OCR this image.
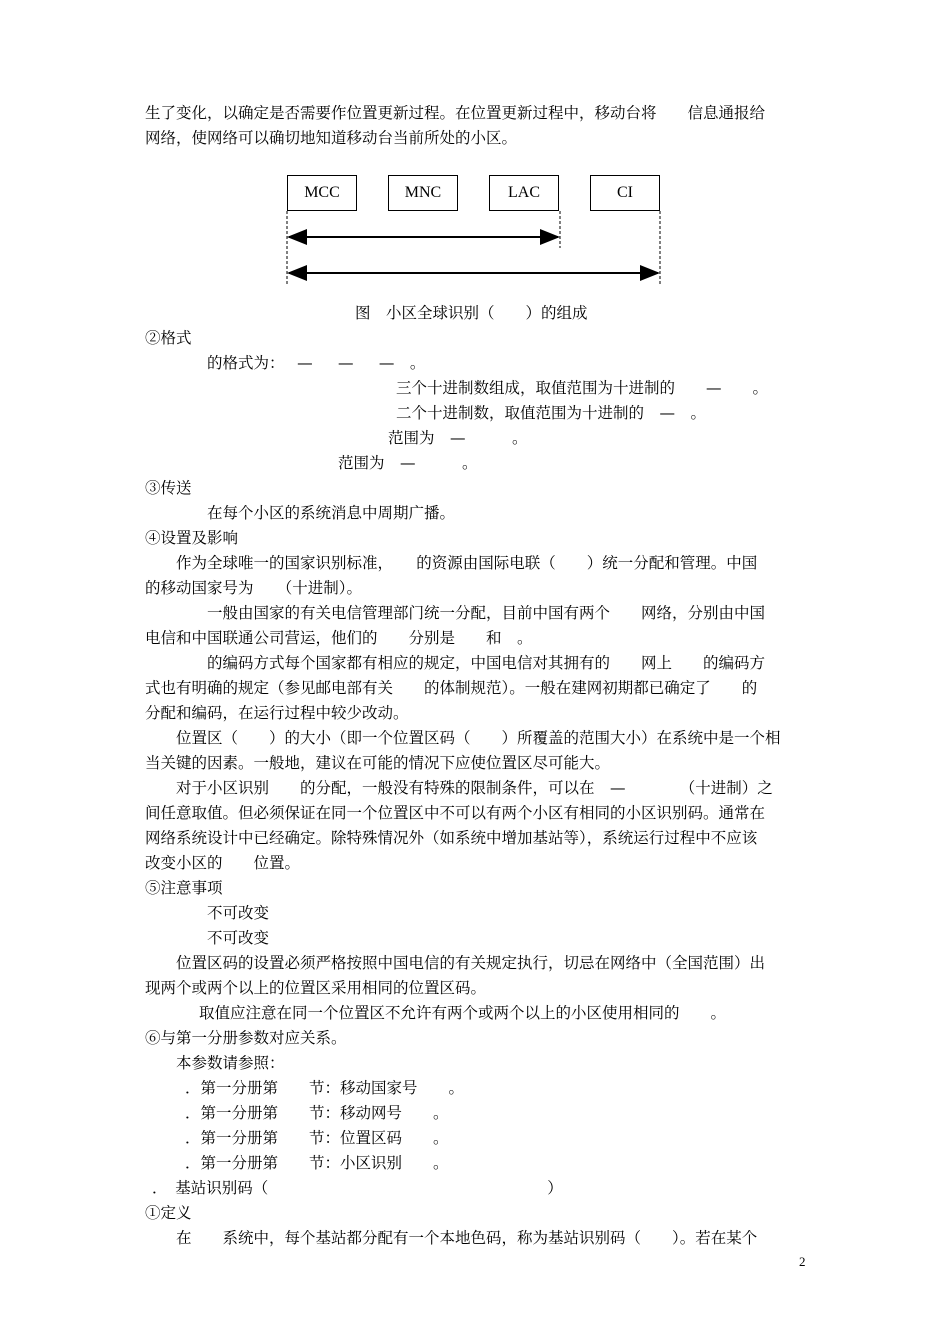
生了变化，以确定是否需要作位置更新过程。在位置更新过程中，移动台将　　信息通报给
网络，使网络可以确切地知道移动台当前所处的小区。
MCC	MNC	LAC	CI
图　小区全球识别（　　）的组成
②格式
的格式为：　 —　  —　  —　。
三个十进制数组成，取值范围为十进制的　　—　　。
二个十进制数，取值范围为十进制的　—　。
范围为　—　　　。
范围为　—　　　。
③传送
在每个小区的系统消息中周期广播。
④设置及影响
作为全球唯一的国家识别标准，　　的资源由国际电联（　　）统一分配和管理。中国
的移动国家号为　　（十进制）。
一般由国家的有关电信管理部门统一分配，目前中国有两个　　网络，分别由中国
电信和中国联通公司营运，他们的　　分别是　　和　。
的编码方式每个国家都有相应的规定，中国电信对其拥有的　　网上　　的编码方
式也有明确的规定（参见邮电部有关　　的体制规范）。一般在建网初期都已确定了　　的
分配和编码，在运行过程中较少改动。
位置区（　　）的大小（即一个位置区码（　　）所覆盖的范围大小）在系统中是一个相
当关键的因素。一般地，建议在可能的情况下应使位置区尽可能大。
对于小区识别　　的分配，一般没有特殊的限制条件，可以在　—　　　　（十进制）之
间任意取值。但必须保证在同一个位置区中不可以有两个小区有相同的小区识别码。通常在
网络系统设计中已经确定。除特殊情况外（如系统中增加基站等），系统运行过程中不应该
改变小区的　　位置。
⑤注意事项
不可改变
不可改变
位置区码的设置必须严格按照中国电信的有关规定执行，切忌在网络中（全国范围）出
现两个或两个以上的位置区采用相同的位置区码。
取值应注意在同一个位置区不允许有两个或两个以上的小区使用相同的　　。
⑥与第一分册参数对应关系。
本参数请参照：
．第一分册第　　节：移动国家号　　。
．第一分册第　　节：移动网号　　。
．第一分册第　　节：位置区码　　。
．第一分册第　　节：小区识别　　。
．　基站识别码（　　　　　　　　　　　　　　　　　　）
①定义
在　　系统中，每个基站都分配有一个本地色码，称为基站识别码（　　）。若在某个
2
